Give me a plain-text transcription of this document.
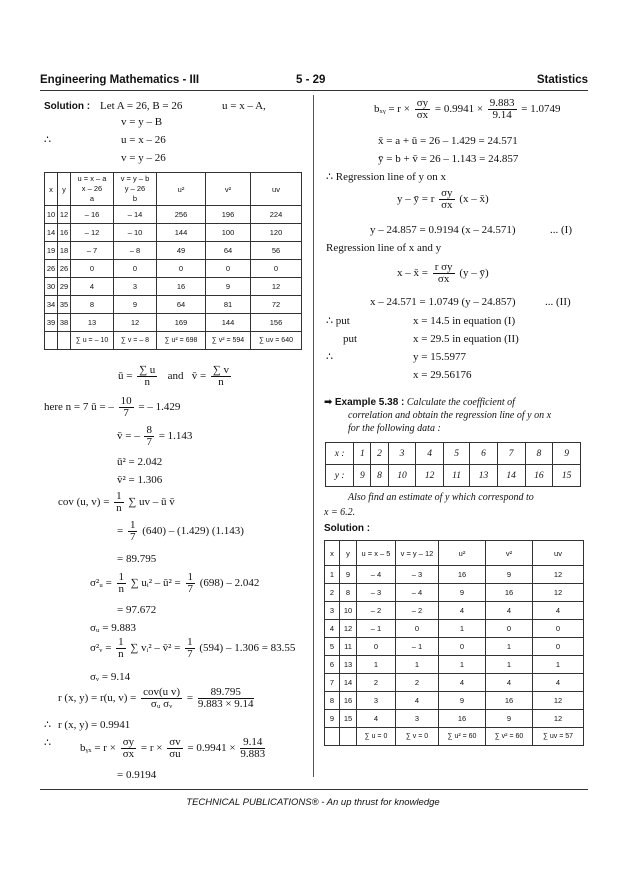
Engineering Mathematics - III	5 - 29	Statistics
Solution : Let A = 26, B = 26	u = x – A,
v = y – B
∴	u = x – 26
v = y – 26
x	y	u = x – a
x – 26
a	v = y – b
y – 26
b	u²	v²	uv
10	12	– 16	– 14	256	196	224
14	16	– 12	– 10	144	100	120
19	18	– 7	– 8	49	64	56
26	26	0	0	0	0	0
30	29	4	3	16	9	12
34	35	8	9	64	81	72
39	38	13	12	169	144	156
		∑ u = – 10	∑ v = – 8	∑ u² = 698	∑ v² = 594	∑ uv = 640
ū = $\frac{\sum u}{n}$ and v̄ = $\frac{\sum v}{n}$
here n = 7 ū = – $\frac{10}{7}$ = – 1.429
v̄ = – $\frac{8}{7} = 1.143$
ū² = 2.042
v̄² = 1.306
cov (u, $v) = \frac{1}{n}$ ∑ uv – ū v̄
= $\frac{1}{7} (640) - (1.429)$ (1.143)
= 89.795
σ²ᵤ = $\frac{1}{n}$ ∑ uᵢ² – ū² = $\frac{1}{7} (698) - 2.042$
= 97.672
σᵤ = 9.883
σ²ᵥ = $\frac{1}{n}$ ∑ vᵢ² – v̄² = $\frac{1}{7} (594) - 1.306 = 83.55$
σᵥ = 9.14
r (x, y) = r(u, $v) = \frac{\text{cov(u v)}}{\text{σᵤ σᵥ}} = \frac{89.795}{9.883 \times 9.14}$
∴ r (x, y) = 0.9941
∴	bᵧₓ = $r \times \frac{\sigma y}{\sigma x} = r \times \frac{\sigma v}{\sigma u} = 0.9941 \times \frac{9.14}{9.883}$
= 0.9194
bₓᵧ = $r \times \frac{\sigma y}{\sigma x} = 0.9941 \times \frac{9.883}{9.14} = 1.0749$
x̄ = a + ū = 26 – 1.429 = 24.571
ȳ = b + v̄ = 26 – 1.143 = 24.857
∴ Regression line of y on x
y – ȳ = r $\frac{\sigma y}{\sigma x} (x$ – x̄)
y – 24.857 = 0.9194 (x – 24.571)	... (I)
Regression line of x and y
x – x̄ = $\frac{\text{r σy}}{\sigma x} (y$ – ȳ)
x – 24.571 = 1.0749 (y – 24.857)	... (II)
∴ put	x = 14.5 in equation (I)
put	x = 29.5 in equation (II)
∴	y = 15.5977
x = 29.56176
➡ Example 5.38 : Calculate the coefficient of
correlation and obtain the regression line of y on x
for the following data :
x :	1	2	3	4	5	6	7	8	9
y :	9	8	10	12	11	13	14	16	15
Also find an estimate of y which correspond to
x = 6.2.
Solution :
x	y	u = x – 5	v = y – 12	u²	v²	uv
1	9	– 4	– 3	16	9	12
2	8	– 3	– 4	9	16	12
3	10	– 2	– 2	4	4	4
4	12	– 1	0	1	0	0
5	11	0	– 1	0	1	0
6	13	1	1	1	1	1
7	14	2	2	4	4	4
8	16	3	4	9	16	12
9	15	4	3	16	9	12
		∑ u = 0	∑ v = 0	∑ u² = 60	∑ v² = 60	∑ uv = 57
TECHNICAL PUBLICATIONS® - An up thrust for knowledge
